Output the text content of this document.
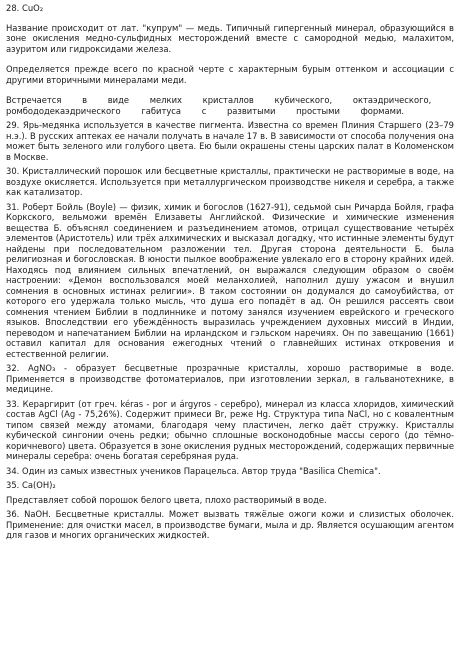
28. CuO₂

Название происходит от лат. "купрум" — медь. Типичный гипергенный минерал, образующийся в зоне окисления медно-сульфидных месторождений вместе с самородной медью, малахитом, азуритом или гидроксидами железа.

Определяется прежде всего по красной черте с характерным бурым оттенком и ассоциации с другими вторичными минералами меди.

Встречается в виде мелких кристаллов кубического, октаэдрического, ромбододекаэдрического габитуса с развитыми простыми формами.

29. Ярь-медянка используется в качестве пигмента. Известна со времен Плиния Старшего (23–79 н.э.). В русских аптеках ее начали получать в начале 17 в. В зависимости от способа получения она может быть зеленого или голубого цвета. Ею были окрашены стены царских палат в Коломенском в Москве.

30. Кристаллический порошок или бесцветные кристаллы, практически не растворимые в воде, на воздухе окисляется. Используется при металлургическом производстве никеля и серебра, а также как катализатор.

31. Роберт Бойль (Boyle) — физик, химик и богослов (1627-91), седьмой сын Ричарда Бойля, графа Коркского, вельможи времён Елизаветы Английской. Физические и химические изменения вещества Б. объяснял соединением и разъединением атомов, отрицал существование четырёх элементов (Аристотель) или трёх алхимических и высказал догадку, что истинные элементы будут найдены при последовательном разложении тел. Другая сторона деятельности Б. была религиозная и богословская. В юности пылкое воображение увлекало его в сторону крайних идей. Находясь под влиянием сильных впечатлений, он выражался следующим образом о своём настроении: «Демон воспользовался моей меланхолией, наполнил душу ужасом и внушил сомнения в основных истинах религии». В таком состоянии он додумался до самоубийства, от которого его удержала только мысль, что душа его попадёт в ад. Он решился рассеять свои сомнения чтением Библии в подлиннике и потому занялся изучением еврейского и греческого языков. Впоследствии его убеждённость выразилась учреждением духовных миссий в Индии, переводом и напечатанием Библии на ирландском и гэльском наречиях. Он по завещанию (1661) оставил капитал для основания ежегодных чтений о главнейших истинах откровения и естественной религии.

32. AgNO₃ - образует бесцветные прозрачные кристаллы, хорошо растворимые в воде. Применяется в производстве фотоматериалов, при изготовлении зеркал, в гальванотехнике, в медицине.

33. Кераргирит (от греч. kéras - рог и árgyros - серебро), минерал из класса хлоридов, химический состав AgCl (Ag - 75,26%). Содержит примеси Br, реже Hg. Структура типа NaCl, но с ковалентным типом связей между атомами, благодаря чему пластичен, легко даёт стружку. Кристаллы кубической сингонии очень редки; обычно сплошные восконодобные массы серого (до тёмно-коричневого) цвета. Образуется в зоне окисления рудных месторождений, содержащих первичные минералы серебра: очень богатая серебряная руда.

34. Один из самых известных учеников Парацельса. Автор труда "Basilica Chemica".

35. Ca(OH)₂

Представляет собой порошок белого цвета, плохо растворимый в воде.

36. NaOH. Бесцветные кристаллы. Может вызвать тяжёлые ожоги кожи и слизистых оболочек. Применение: для очистки масел, в производстве бумаги, мыла и др. Является осушающим агентом для газов и многих органических жидкостей.
